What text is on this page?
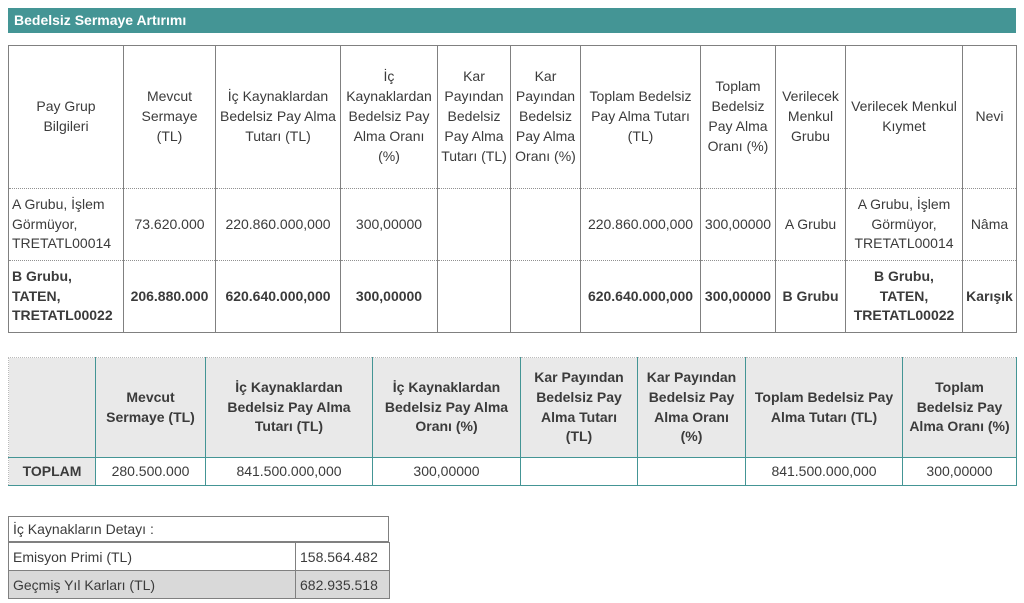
Bedelsiz Sermaye Artırımı
Pay Grup Bilgileri	Mevcut Sermaye (TL)	İç Kaynaklardan Bedelsiz Pay Alma Tutarı (TL)	İç Kaynaklardan Bedelsiz Pay Alma Oranı (%)	Kar Payından Bedelsiz Pay Alma Tutarı (TL)	Kar Payından Bedelsiz Pay Alma Oranı (%)	Toplam Bedelsiz Pay Alma Tutarı (TL)	Toplam Bedelsiz Pay Alma Oranı (%)	Verilecek Menkul Grubu	Verilecek Menkul Kıymet	Nevi
A Grubu, İşlem Görmüyor, TRETATL00014	73.620.000	220.860.000,000	300,00000			220.860.000,000	300,00000	A Grubu	A Grubu, İşlem Görmüyor, TRETATL00014	Nâma
B Grubu, TATEN, TRETATL00022	206.880.000	620.640.000,000	300,00000			620.640.000,000	300,00000	B Grubu	B Grubu, TATEN, TRETATL00022	Karışık
	Mevcut Sermaye (TL)	İç Kaynaklardan Bedelsiz Pay Alma Tutarı (TL)	İç Kaynaklardan Bedelsiz Pay Alma Oranı (%)	Kar Payından Bedelsiz Pay Alma Tutarı (TL)	Kar Payından Bedelsiz Pay Alma Oranı (%)	Toplam Bedelsiz Pay Alma Tutarı (TL)	Toplam Bedelsiz Pay Alma Oranı (%)
TOPLAM	280.500.000	841.500.000,000	300,00000			841.500.000,000	300,00000
İç Kaynakların Detayı :
Emisyon Primi (TL)	158.564.482
Geçmiş Yıl Karları (TL)	682.935.518
